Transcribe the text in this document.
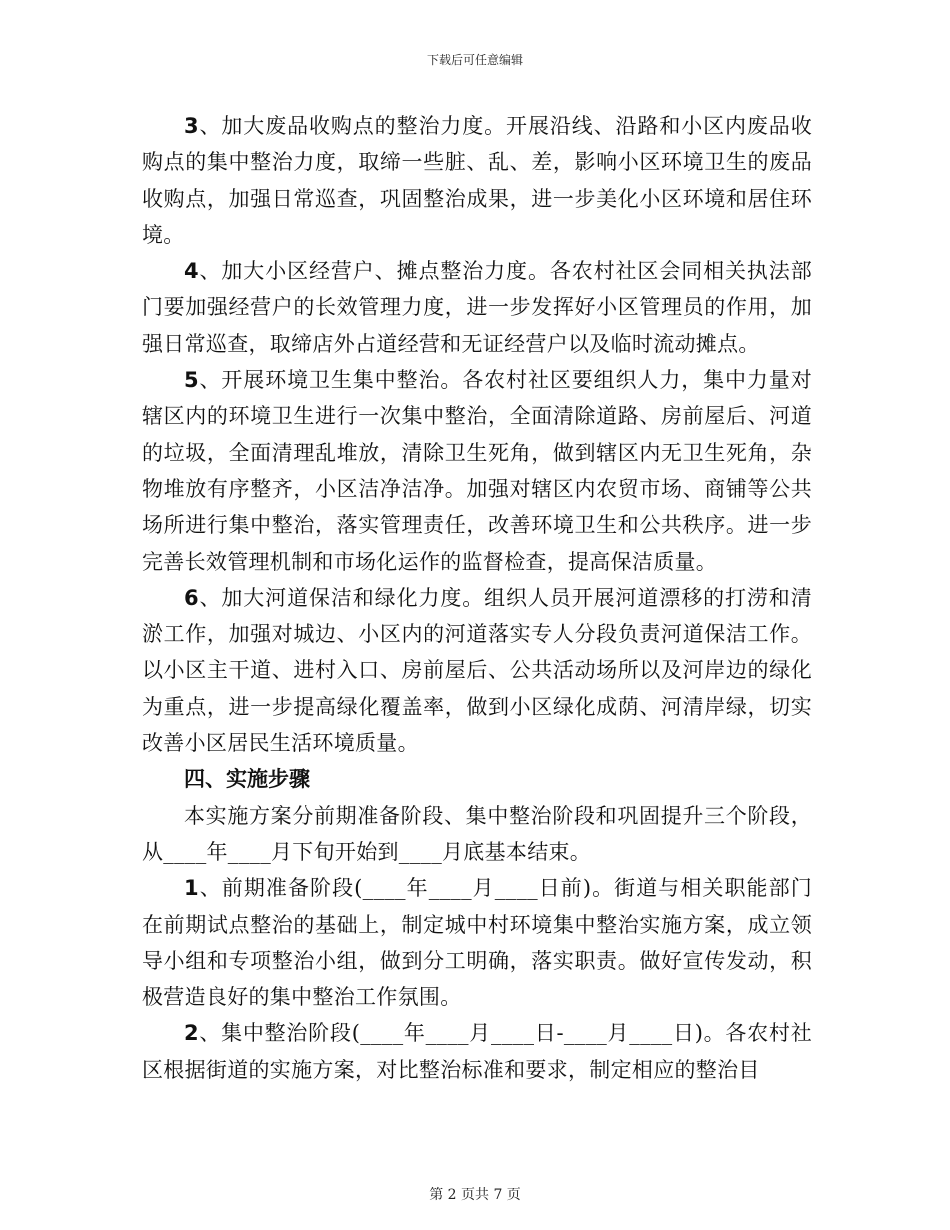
下载后可任意编辑

3、加大废品收购点的整治力度。开展沿线、沿路和小区内废品收购点的集中整治力度，取缔一些脏、乱、差，影响小区环境卫生的废品收购点，加强日常巡查，巩固整治成果，进一步美化小区环境和居住环境。

4、加大小区经营户、摊点整治力度。各农村社区会同相关执法部门要加强经营户的长效管理力度，进一步发挥好小区管理员的作用，加强日常巡查，取缔店外占道经营和无证经营户以及临时流动摊点。

5、开展环境卫生集中整治。各农村社区要组织人力，集中力量对辖区内的环境卫生进行一次集中整治，全面清除道路、房前屋后、河道的垃圾，全面清理乱堆放，清除卫生死角，做到辖区内无卫生死角，杂物堆放有序整齐，小区洁净洁净。加强对辖区内农贸市场、商铺等公共场所进行集中整治，落实管理责任，改善环境卫生和公共秩序。进一步完善长效管理机制和市场化运作的监督检查，提高保洁质量。

6、加大河道保洁和绿化力度。组织人员开展河道漂移的打涝和清淤工作，加强对城边、小区内的河道落实专人分段负责河道保洁工作。以小区主干道、进村入口、房前屋后、公共活动场所以及河岸边的绿化为重点，进一步提高绿化覆盖率，做到小区绿化成荫、河清岸绿，切实改善小区居民生活环境质量。

四、实施步骤

本实施方案分前期准备阶段、集中整治阶段和巩固提升三个阶段，从____年____月下旬开始到____月底基本结束。

1、前期准备阶段(____年____月____日前)。街道与相关职能部门在前期试点整治的基础上，制定城中村环境集中整治实施方案，成立领导小组和专项整治小组，做到分工明确，落实职责。做好宣传发动，积极营造良好的集中整治工作氛围。

2、集中整治阶段(____年____月____日-____月____日)。各农村社区根据街道的实施方案，对比整治标准和要求，制定相应的整治目

第 2 页共 7 页
